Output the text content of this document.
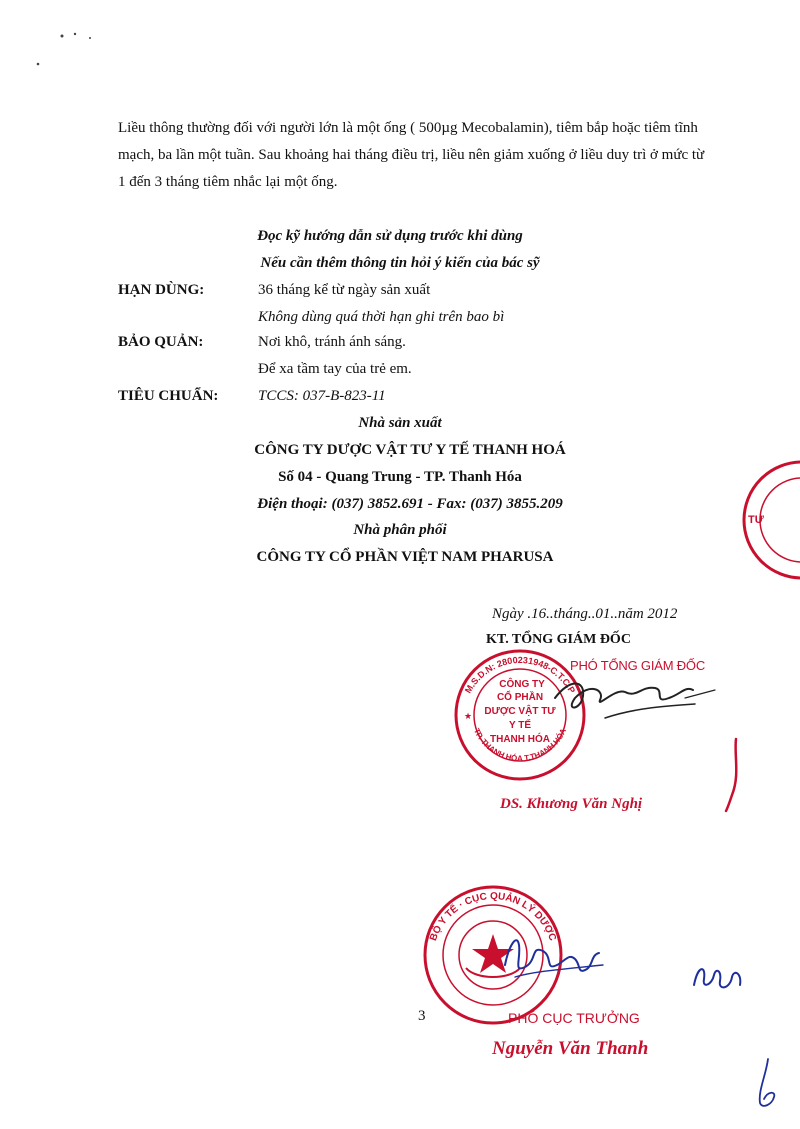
Liều thông thường đối với người lớn là một ống ( 500µg Mecobalamin), tiêm bắp hoặc tiêm tĩnh

mạch, ba lần một tuần. Sau khoảng hai tháng điều trị, liều nên giảm xuống ở liều duy trì ở mức từ

1 đến 3 tháng tiêm nhắc lại một ống.

Đọc kỹ hướng dẫn sử dụng trước khi dùng
Nếu cần thêm thông tin hỏi ý kiến của bác sỹ
HẠN DÙNG:	36 tháng kể từ ngày sản xuất
Không dùng quá thời hạn ghi trên bao bì
BẢO QUẢN:	Nơi khô, tránh ánh sáng.
Để xa tầm tay của trẻ em.
TIÊU CHUẨN:	TCCS: 037-B-823-11
Nhà sản xuất
CÔNG TY DƯỢC VẬT TƯ Y TẾ THANH HOÁ
Số 04 - Quang Trung - TP. Thanh Hóa
Điện thoại: (037) 3852.691 - Fax: (037) 3855.209
Nhà phân phối
CÔNG TY CỔ PHẦN VIỆT NAM PHARUSA
Ngày .16..tháng..01..năm 2012
KT. TỔNG GIÁM ĐỐC
PHÓ TỔNG GIÁM ĐỐC
DS. Khương Văn Nghị
M.S.D.N: 2800231948-C.T.C.P
TP. THANH HÓA T.THANH HÓA
CÔNG TY
CỔ PHẦN
DƯỢC VẬT TƯ
Y TẾ
THANH HÓA
★
TƯ
BỘ Y TẾ · CỤC QUẢN LÝ DƯỢC
3	PHÓ CỤC TRƯỞNG
Nguyễn Văn Thanh
